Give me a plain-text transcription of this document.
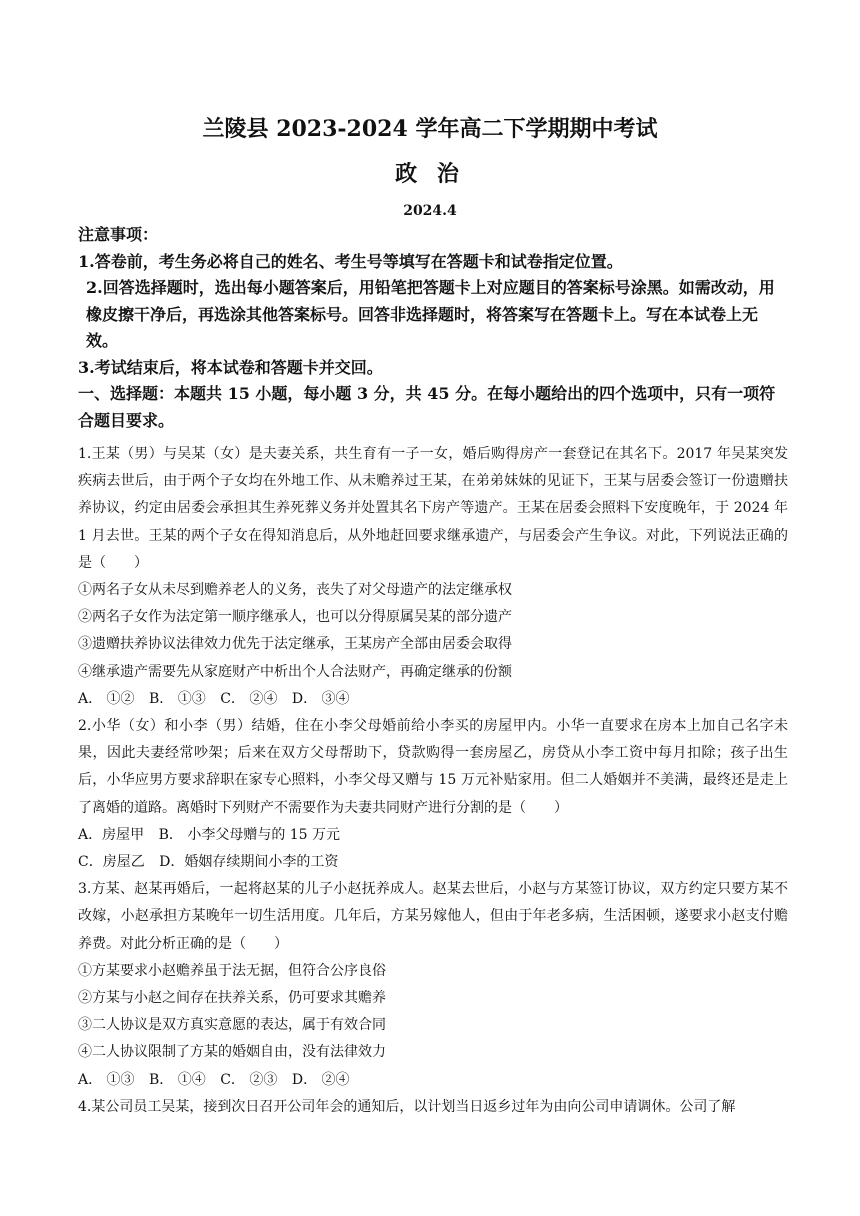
兰陵县 2023-2024 学年高二下学期期中考试
政 治
2024.4

注意事项：

1.答卷前，考生务必将自己的姓名、考生号等填写在答题卡和试卷指定位置。

2.回答选择题时，选出每小题答案后，用铅笔把答题卡上对应题目的答案标号涂黑。如需改动，用橡皮擦干净后，再选涂其他答案标号。回答非选择题时，将答案写在答题卡上。写在本试卷上无效。

3.考试结束后，将本试卷和答题卡并交回。

一、选择题：本题共 15 小题，每小题 3 分，共 45 分。在每小题给出的四个选项中，只有一项符合题目要求。

1.王某（男）与吴某（女）是夫妻关系，共生育有一子一女，婚后购得房产一套登记在其名下。2017 年吴某突发疾病去世后，由于两个子女均在外地工作、从未赡养过王某，在弟弟妹妹的见证下，王某与居委会签订一份遗赠扶养协议，约定由居委会承担其生养死葬义务并处置其名下房产等遗产。王某在居委会照料下安度晚年，于 2024 年 1 月去世。王某的两个子女在得知消息后，从外地赶回要求继承遗产，与居委会产生争议。对此，下列说法正确的是（　　）

①两名子女从未尽到赡养老人的义务，丧失了对父母遗产的法定继承权

②两名子女作为法定第一顺序继承人，也可以分得原属吴某的部分遗产

③遗赠扶养协议法律效力优先于法定继承，王某房产全部由居委会取得

④继承遗产需要先从家庭财产中析出个人合法财产，再确定继承的份额

A． ①② B． ①③ C． ②④ D． ③④

2.小华（女）和小李（男）结婚，住在小李父母婚前给小李买的房屋甲内。小华一直要求在房本上加自己名字未果，因此夫妻经常吵架；后来在双方父母帮助下，贷款购得一套房屋乙，房贷从小李工资中每月扣除；孩子出生后，小华应男方要求辞职在家专心照料，小李父母又赠与 15 万元补贴家用。但二人婚姻并不美满，最终还是走上了离婚的道路。离婚时下列财产不需要作为夫妻共同财产进行分割的是（　　）

A．房屋甲 B． 小李父母赠与的 15 万元

C．房屋乙 D．婚姻存续期间小李的工资

3.方某、赵某再婚后，一起将赵某的儿子小赵抚养成人。赵某去世后，小赵与方某签订协议，双方约定只要方某不改嫁，小赵承担方某晚年一切生活用度。几年后，方某另嫁他人，但由于年老多病，生活困顿，遂要求小赵支付赡养费。对此分析正确的是（　　）

①方某要求小赵赡养虽于法无据，但符合公序良俗

②方某与小赵之间存在扶养关系，仍可要求其赡养

③二人协议是双方真实意愿的表达，属于有效合同

④二人协议限制了方某的婚姻自由，没有法律效力

A． ①③ B． ①④ C． ②③ D． ②④

4.某公司员工吴某，接到次日召开公司年会的通知后，以计划当日返乡过年为由向公司申请调休。公司了解
